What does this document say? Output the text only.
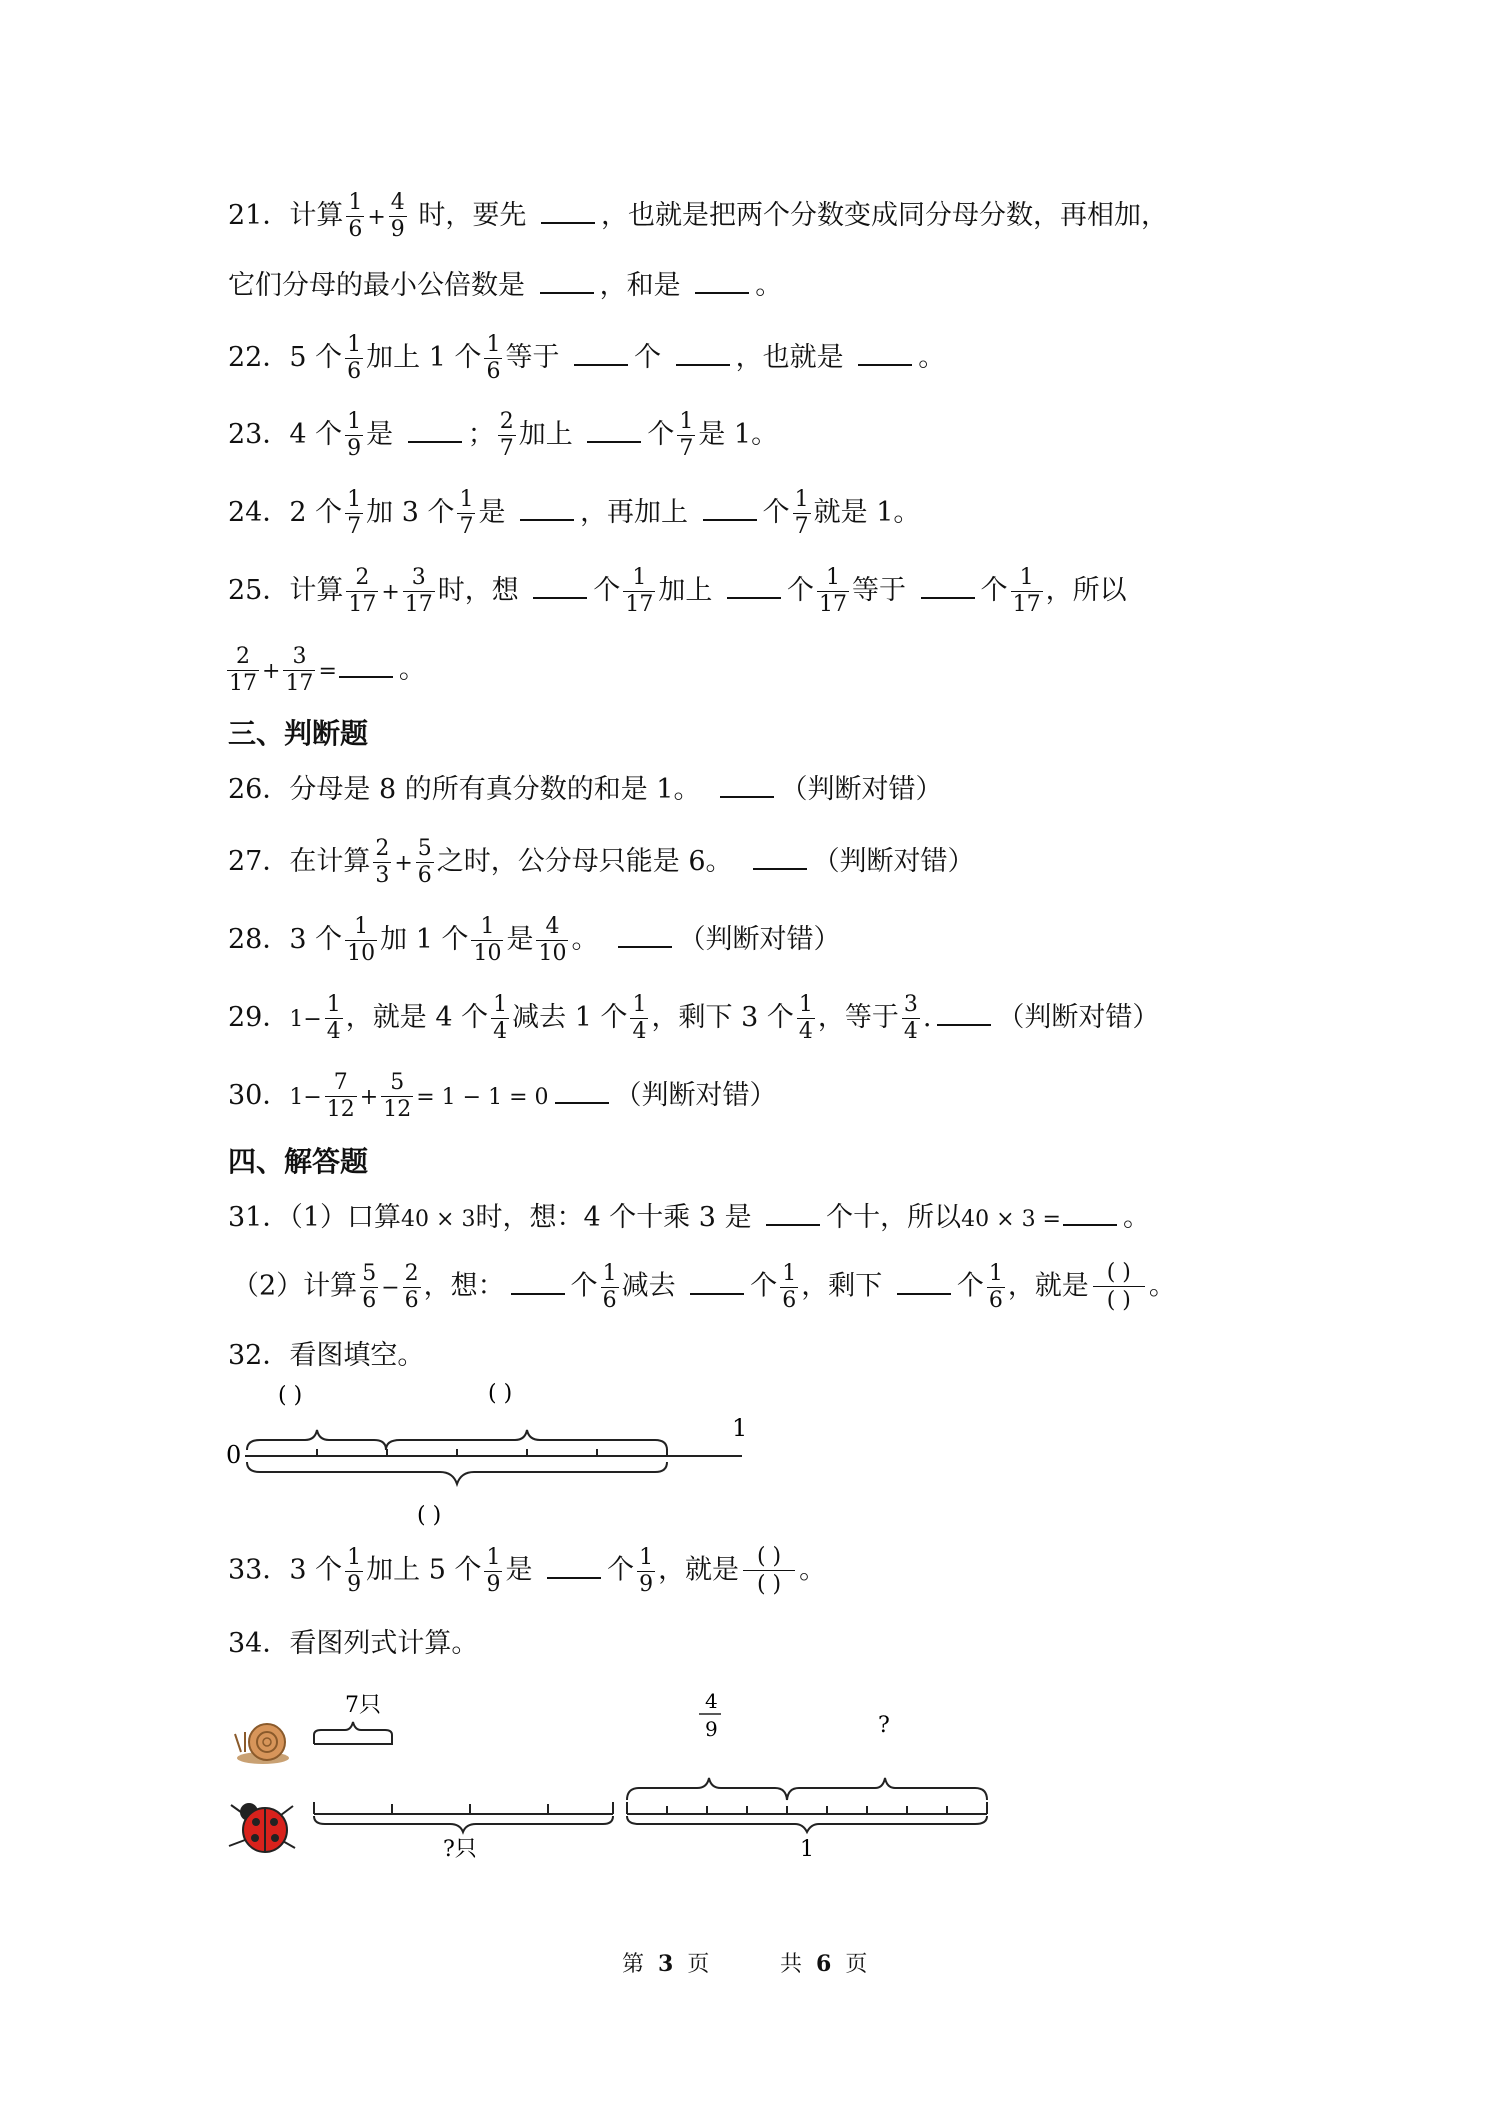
21．计算 $\frac{1}{6} + \frac{4}{9}$ 时，要先 ，也就是把两个分数变成同分母分数，再相加，
它们分母的最小公倍数是 ，和是 。
22．5 个 $\frac{1}{6}$ 加上 1 个 $\frac{1}{6}$ 等于 个 ，也就是 。
23．4 个 $\frac{1}{9}$ 是 ； $\frac{2}{7}$ 加上 个 $\frac{1}{7}$ 是 1。
24．2 个 $\frac{1}{7}$ 加 3 个 $\frac{1}{7}$ 是 ，再加上 个 $\frac{1}{7}$ 就是 1。
25．计算 $\frac{2}{17} + \frac{3}{17}$ 时，想 个 $\frac{1}{17}$ 加上 个 $\frac{1}{17}$ 等于 个 $\frac{1}{17}$ ，所以
$\frac{2}{17} + \frac{3}{17}$ = 。
三、判断题
26．分母是 8 的所有真分数的和是 1。	（判断对错）
27．在计算 $\frac{2}{3} + \frac{5}{6}$ 之时，公分母只能是 6。	（判断对错）
28．3 个 $\frac{1}{10}$ 加 1 个 $\frac{1}{10}$ 是 $\frac{4}{10}$ 。	（判断对错）
29．$1- \frac{1}{4}$ ，就是 4 个 $\frac{1}{4}$ 减去 1 个 $\frac{1}{4}$ ，剩下 3 个 $\frac{1}{4}$ ，等于 $\frac{3}{4}$ . （判断对错）
30．$1- \frac{7}{12} + \frac{5}{12} = 1 - 1 = 0$ （判断对错）
四、解答题
31．（1）口算40 × 3时，想：4 个十乘 3 是 个十，所以40 × 3 = 。
（2）计算 $\frac{5}{6} - \frac{2}{6}$ ，想： 个 $\frac{1}{6}$ 减去 个 $\frac{1}{6}$ ，剩下 个 $\frac{1}{6}$ ，就是 ( )
( ) 。
32．看图填空。
( )	( )
0
1
( )
33．3 个 $\frac{1}{9}$ 加上 5 个 $\frac{1}{9}$ 是 个 $\frac{1}{9}$ ，就是 ( )
( ) 。
34．看图列式计算。
7只
?只
4
9	?
1
第 3 页	共 6 页
